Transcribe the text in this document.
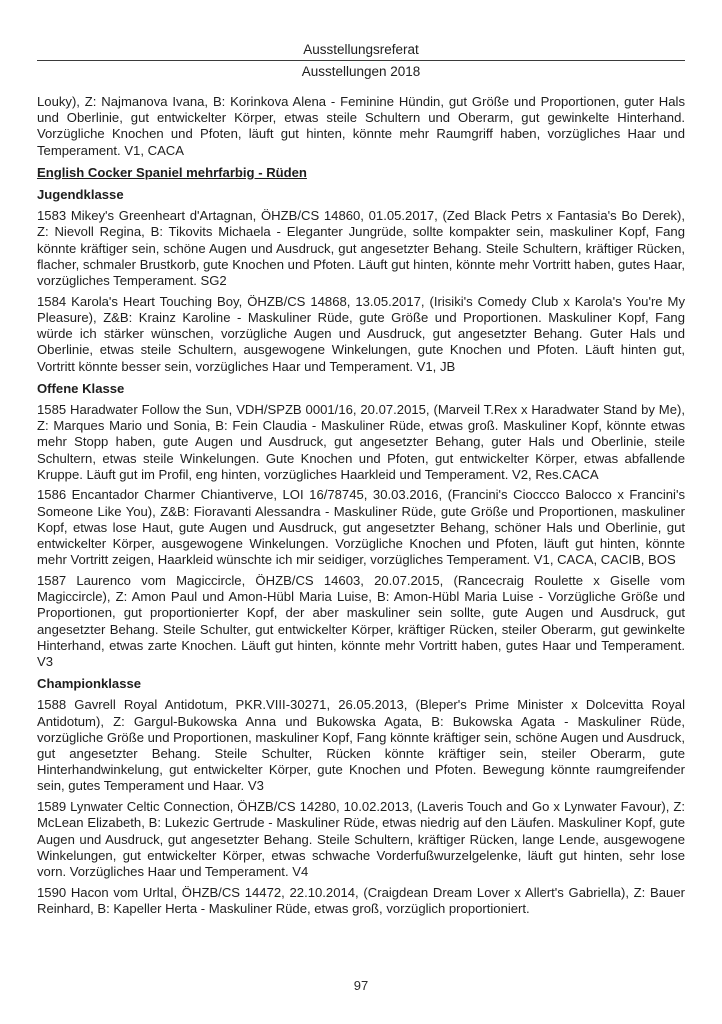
Ausstellungsreferat
Ausstellungen 2018
Louky), Z: Najmanova Ivana, B: Korinkova Alena - Feminine Hündin, gut Größe und Proportionen, guter Hals und Oberlinie, gut entwickelter Körper, etwas steile Schultern und Oberarm, gut gewinkelte Hinterhand. Vorzügliche Knochen und Pfoten, läuft gut hinten, könnte mehr Raumgriff haben, vorzügliches Haar und Temperament. V1, CACA
English Cocker Spaniel mehrfarbig - Rüden
Jugendklasse
1583 Mikey's Greenheart d'Artagnan, ÖHZB/CS 14860, 01.05.2017, (Zed Black Petrs x Fantasia's Bo Derek), Z: Nievoll Regina, B: Tikovits Michaela - Eleganter Jungrüde, sollte kompakter sein, maskuliner Kopf, Fang könnte kräftiger sein, schöne Augen und Ausdruck, gut angesetzter Behang. Steile Schultern, kräftiger Rücken, flacher, schmaler Brustkorb, gute Knochen und Pfoten. Läuft gut hinten, könnte mehr Vortritt haben, gutes Haar, vorzügliches Temperament. SG2
1584 Karola's Heart Touching Boy, ÖHZB/CS 14868, 13.05.2017, (Irisiki's Comedy Club x Karola's You're My Pleasure), Z&B: Krainz Karoline - Maskuliner Rüde, gute Größe und Proportionen. Maskuliner Kopf, Fang würde ich stärker wünschen, vorzügliche Augen und Ausdruck, gut angesetzter Behang. Guter Hals und Oberlinie, etwas steile Schultern, ausgewogene Winkelungen, gute Knochen und Pfoten. Läuft hinten gut, Vortritt könnte besser sein, vorzügliches Haar und Temperament. V1, JB
Offene Klasse
1585 Haradwater Follow the Sun, VDH/SPZB 0001/16, 20.07.2015, (Marveil T.Rex x Haradwater Stand by Me), Z: Marques Mario und Sonia, B: Fein Claudia - Maskuliner Rüde, etwas groß. Maskuliner Kopf, könnte etwas mehr Stopp haben, gute Augen und Ausdruck, gut angesetzter Behang, guter Hals und Oberlinie, steile Schultern, etwas steile Winkelungen. Gute Knochen und Pfoten, gut entwickelter Körper, etwas abfallende Kruppe. Läuft gut im Profil, eng hinten, vorzügliches Haarkleid und Temperament. V2, Res.CACA
1586 Encantador Charmer Chiantiverve, LOI 16/78745, 30.03.2016, (Francini's Cioccco Balocco x Francini's Someone Like You), Z&B: Fioravanti Alessandra - Maskuliner Rüde, gute Größe und Proportionen, maskuliner Kopf, etwas lose Haut, gute Augen und Ausdruck, gut angesetzter Behang, schöner Hals und Oberlinie, gut entwickelter Körper, ausgewogene Winkelungen. Vorzügliche Knochen und Pfoten, läuft gut hinten, könnte mehr Vortritt zeigen, Haarkleid wünschte ich mir seidiger, vorzügliches Temperament. V1, CACA, CACIB, BOS
1587 Laurenco vom Magiccircle, ÖHZB/CS 14603, 20.07.2015, (Rancecraig Roulette x Giselle vom Magiccircle), Z: Amon Paul und Amon-Hübl Maria Luise, B: Amon-Hübl Maria Luise - Vorzügliche Größe und Proportionen, gut proportionierter Kopf, der aber maskuliner sein sollte, gute Augen und Ausdruck, gut angesetzter Behang. Steile Schulter, gut entwickelter Körper, kräftiger Rücken, steiler Oberarm, gut gewinkelte Hinterhand, etwas zarte Knochen. Läuft gut hinten, könnte mehr Vortritt haben, gutes Haar und Temperament. V3
Championklasse
1588 Gavrell Royal Antidotum, PKR.VIII-30271, 26.05.2013, (Bleper's Prime Minister x Dolcevitta Royal Antidotum), Z: Gargul-Bukowska Anna und Bukowska Agata, B: Bukowska Agata - Maskuliner Rüde, vorzügliche Größe und Proportionen, maskuliner Kopf, Fang könnte kräftiger sein, schöne Augen und Ausdruck, gut angesetzter Behang. Steile Schulter, Rücken könnte kräftiger sein, steiler Oberarm, gute Hinterhandwinkelung, gut entwickelter Körper, gute Knochen und Pfoten. Bewegung könnte raumgreifender sein, gutes Temperament und Haar. V3
1589 Lynwater Celtic Connection, ÖHZB/CS 14280, 10.02.2013, (Laveris Touch and Go x Lynwater Favour), Z: McLean Elizabeth, B: Lukezic Gertrude - Maskuliner Rüde, etwas niedrig auf den Läufen. Maskuliner Kopf, gute Augen und Ausdruck, gut angesetzter Behang. Steile Schultern, kräftiger Rücken, lange Lende, ausgewogene Winkelungen, gut entwickelter Körper, etwas schwache Vorderfußwurzelgelenke, läuft gut hinten, sehr lose vorn. Vorzügliches Haar und Temperament. V4
1590 Hacon vom Urltal, ÖHZB/CS 14472, 22.10.2014, (Craigdean Dream Lover x Allert's Gabriella), Z: Bauer Reinhard, B: Kapeller Herta - Maskuliner Rüde, etwas groß, vorzüglich proportioniert.
97
